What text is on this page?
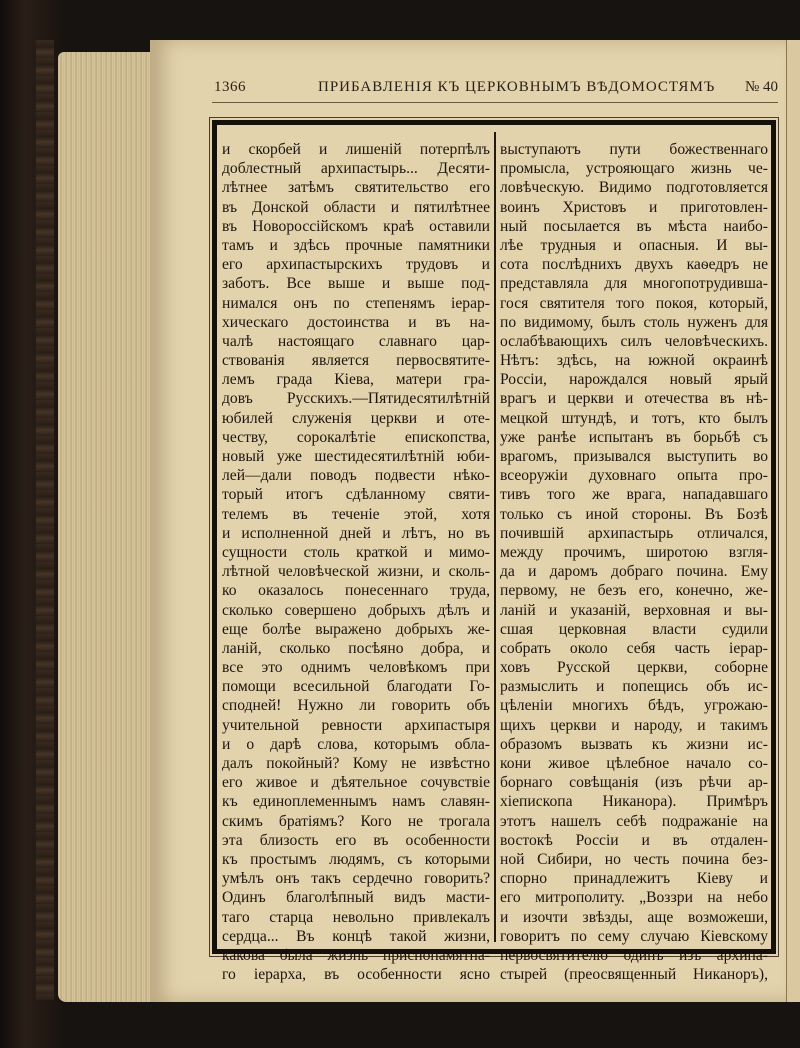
1366	ПРИБАВЛЕНІЯ КЪ ЦЕРКОВНЫМЪ ВѢДОМОСТЯМЪ № 40
и скорбей и лишеній потерпѣлъ
доблестный архипастырь... Десяти-
лѣтнее затѣмъ святительство его
въ Донской области и пятилѣтнее
въ Новороссійскомъ краѣ оставили
тамъ и здѣсь прочные памятники
его архипастырскихъ трудовъ и
заботъ. Все выше и выше под-
нимался онъ по степенямъ іерар-
хическаго достоинства и въ на-
чалѣ настоящаго славнаго цар-
ствованія является первосвятите-
лемъ града Кіева, матери гра-
довъ Русскихъ.—Пятидесятилѣтній
юбилей служенія церкви и оте-
честву, сорокалѣтіе епископства,
новый уже шестидесятилѣтній юби-
лей—дали поводъ подвести нѣко-
торый итогъ сдѣланному святи-
телемъ въ теченіе этой, хотя
и исполненной дней и лѣтъ, но въ
сущности столь краткой и мимо-
лѣтной человѣческой жизни, и сколь-
ко оказалось понесеннаго труда,
сколько совершено добрыхъ дѣлъ и
еще болѣе выражено добрыхъ же-
ланій, сколько посѣяно добра, и
все это однимъ человѣкомъ при
помощи всесильной благодати Го-
сподней! Нужно ли говорить объ
учительной ревности архипастыря
и о дарѣ слова, которымъ обла-
далъ покойный? Кому не извѣстно
его живое и дѣятельное сочувствіе
къ единоплеменнымъ намъ славян-
скимъ братіямъ? Кого не трогала
эта близость его въ особенности
къ простымъ людямъ, съ которыми
умѣлъ онъ такъ сердечно говорить?
Одинъ благолѣпный видъ масти-
таго старца невольно привлекалъ
сердца... Въ концѣ такой жизни,
какова была жизнь приснопамятна-
го іерарха, въ особенности ясно
выступаютъ пути божественнаго
промысла, устрояющаго жизнь че-
ловѣческую. Видимо подготовляется
воинъ Христовъ и приготовлен-
ный посылается въ мѣста наибо-
лѣе трудныя и опасныя. И вы-
сота послѣднихъ двухъ каѳедръ не
представляла для многопотрудивша-
гося святителя того покоя, который,
по видимому, былъ столь нуженъ для
ослабѣвающихъ силъ человѣческихъ.
Нѣтъ: здѣсь, на южной окраинѣ
Россіи, нарождался новый ярый
врагъ и церкви и отечества въ нѣ-
мецкой штундѣ, и тотъ, кто былъ
уже ранѣе испытанъ въ борьбѣ съ
врагомъ, призывался выступить во
всеоружіи духовнаго опыта про-
тивъ того же врага, нападавшаго
только съ иной стороны. Въ Бозѣ
почившій архипастырь отличался,
между прочимъ, широтою взгля-
да и даромъ добраго почина. Ему
первому, не безъ его, конечно, же-
ланій и указаній, верховная и вы-
сшая церковная власти судили
собрать около себя часть іерар-
ховъ Русской церкви, соборне
размыслить и попещись объ ис-
цѣленіи многихъ бѣдъ, угрожаю-
щихъ церкви и народу, и такимъ
образомъ вызвать къ жизни ис-
кони живое цѣлебное начало со-
борнаго совѣщанія (изъ рѣчи ар-
хіепископа Никанора). Примѣръ
этотъ нашелъ себѣ подражаніе на
востокѣ Россіи и въ отдален-
ной Сибири, но честь почина без-
спорно принадлежитъ Кіеву и
его митрополиту. „Воззри на небо
и изочти звѣзды, аще возможеши,
говоритъ по сему случаю Кіевскому
первосвятителю одинъ изъ архипа-
стырей (преосвященный Никаноръ),
